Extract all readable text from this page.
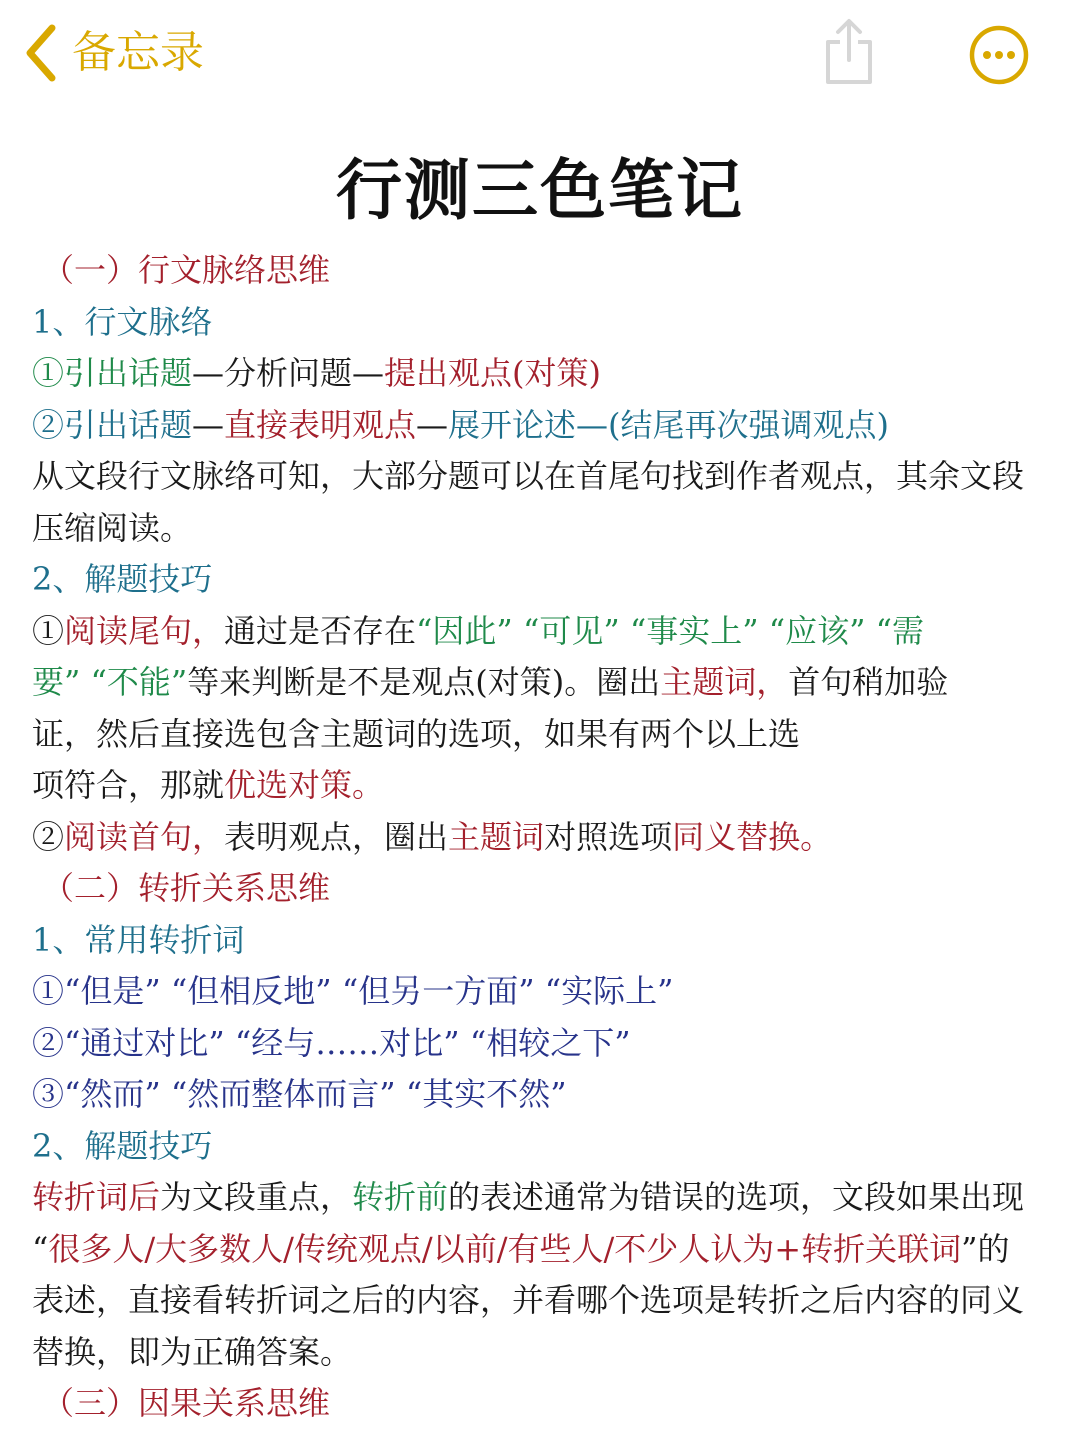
备忘录
行测三色笔记
（一）行文脉络思维
1、行文脉络
①引出话题—分析问题—提出观点(对策)
②引出话题—直接表明观点—展开论述—(结尾再次强调观点)
从文段行文脉络可知，大部分题可以在首尾句找到作者观点，其余文段
压缩阅读。
2、解题技巧
①阅读尾句，通过是否存在“因此” “可见” “事实上” “应该” “需
要” “不能”等来判断是不是观点(对策)。圈出主题词，首句稍加验
证，然后直接选包含主题词的选项，如果有两个以上选
项符合，那就优选对策。
②阅读首句，表明观点，圈出主题词对照选项同义替换。
（二）转折关系思维
1、常用转折词
①“但是” “但相反地” “但另一方面” “实际上”
②“通过对比” “经与……对比” “相较之下”
③“然而” “然而整体而言” “其实不然”
2、解题技巧
转折词后为文段重点，转折前的表述通常为错误的选项，文段如果出现
“很多人/大多数人/传统观点/以前/有些人/不少人认为+转折关联词”的
表述，直接看转折词之后的内容，并看哪个选项是转折之后内容的同义
替换，即为正确答案。
（三）因果关系思维
